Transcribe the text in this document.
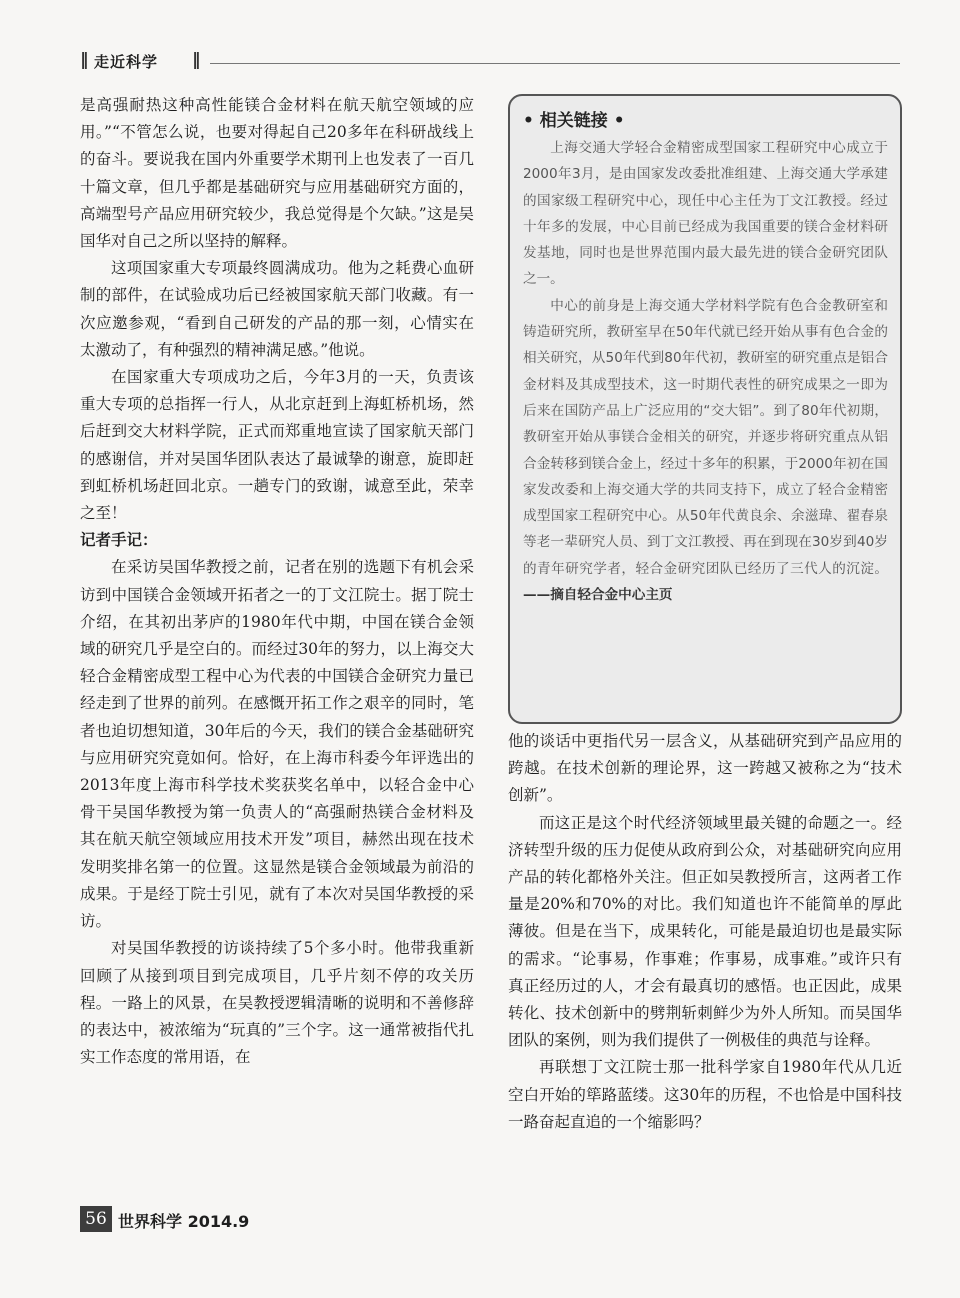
‖ 走近科学 ‖

是高强耐热这种高性能镁合金材料在航天航空领域的应用。”“不管怎么说，也要对得起自己20多年在科研战线上的奋斗。要说我在国内外重要学术期刊上也发表了一百几十篇文章，但几乎都是基础研究与应用基础研究方面的，高端型号产品应用研究较少，我总觉得是个欠缺。”这是吴国华对自己之所以坚持的解释。

这项国家重大专项最终圆满成功。他为之耗费心血研制的部件，在试验成功后已经被国家航天部门收藏。有一次应邀参观，“看到自己研发的产品的那一刻，心情实在太激动了，有种强烈的精神满足感。”他说。

在国家重大专项成功之后，今年3月的一天，负责该重大专项的总指挥一行人，从北京赶到上海虹桥机场，然后赶到交大材料学院，正式而郑重地宣读了国家航天部门的感谢信，并对吴国华团队表达了最诚挚的谢意，旋即赶到虹桥机场赶回北京。一趟专门的致谢，诚意至此，荣幸之至！

记者手记：

在采访吴国华教授之前，记者在别的选题下有机会采访到中国镁合金领域开拓者之一的丁文江院士。据丁院士介绍，在其初出茅庐的1980年代中期，中国在镁合金领域的研究几乎是空白的。而经过30年的努力，以上海交大轻合金精密成型工程中心为代表的中国镁合金研究力量已经走到了世界的前列。在感慨开拓工作之艰辛的同时，笔者也迫切想知道，30年后的今天，我们的镁合金基础研究与应用研究究竟如何。恰好，在上海市科委今年评选出的2013年度上海市科学技术奖获奖名单中，以轻合金中心骨干吴国华教授为第一负责人的“高强耐热镁合金材料及其在航天航空领域应用技术开发”项目，赫然出现在技术发明奖排名第一的位置。这显然是镁合金领域最为前沿的成果。于是经丁院士引见，就有了本次对吴国华教授的采访。

对吴国华教授的访谈持续了5个多小时。他带我重新回顾了从接到项目到完成项目，几乎片刻不停的攻关历程。一路上的风景，在吴教授逻辑清晰的说明和不善修辞的表达中，被浓缩为“玩真的”三个字。这一通常被指代扎实工作态度的常用语，在

• 相关链接 •

上海交通大学轻合金精密成型国家工程研究中心成立于2000年3月，是由国家发改委批准组建、上海交通大学承建的国家级工程研究中心，现任中心主任为丁文江教授。经过十年多的发展，中心目前已经成为我国重要的镁合金材料研发基地，同时也是世界范围内最大最先进的镁合金研究团队之一。

中心的前身是上海交通大学材料学院有色合金教研室和铸造研究所，教研室早在50年代就已经开始从事有色合金的相关研究，从50年代到80年代初，教研室的研究重点是铝合金材料及其成型技术，这一时期代表性的研究成果之一即为后来在国防产品上广泛应用的“交大铝”。到了80年代初期，教研室开始从事镁合金相关的研究，并逐步将研究重点从铝合金转移到镁合金上，经过十多年的积累，于2000年初在国家发改委和上海交通大学的共同支持下，成立了轻合金精密成型国家工程研究中心。从50年代黄良余、余滋瑋、翟春泉等老一辈研究人员、到丁文江教授、再在到现在30岁到40岁的青年研究学者，轻合金研究团队已经历了三代人的沉淀。——摘自轻合金中心主页

他的谈话中更指代另一层含义，从基础研究到产品应用的跨越。在技术创新的理论界，这一跨越又被称之为“技术创新”。

而这正是这个时代经济领域里最关键的命题之一。经济转型升级的压力促使从政府到公众，对基础研究向应用产品的转化都格外关注。但正如吴教授所言，这两者工作量是20%和70%的对比。我们知道也许不能简单的厚此薄彼。但是在当下，成果转化，可能是最迫切也是最实际的需求。“论事易，作事难；作事易，成事难。”或许只有真正经历过的人，才会有最真切的感悟。也正因此，成果转化、技术创新中的劈荆斩刺鲜少为外人所知。而吴国华团队的案例，则为我们提供了一例极佳的典范与诠释。

再联想丁文江院士那一批科学家自1980年代从几近空白开始的筚路蓝缕。这30年的历程，不也恰是中国科技一路奋起直追的一个缩影吗？

56 世界科学 2014.9
